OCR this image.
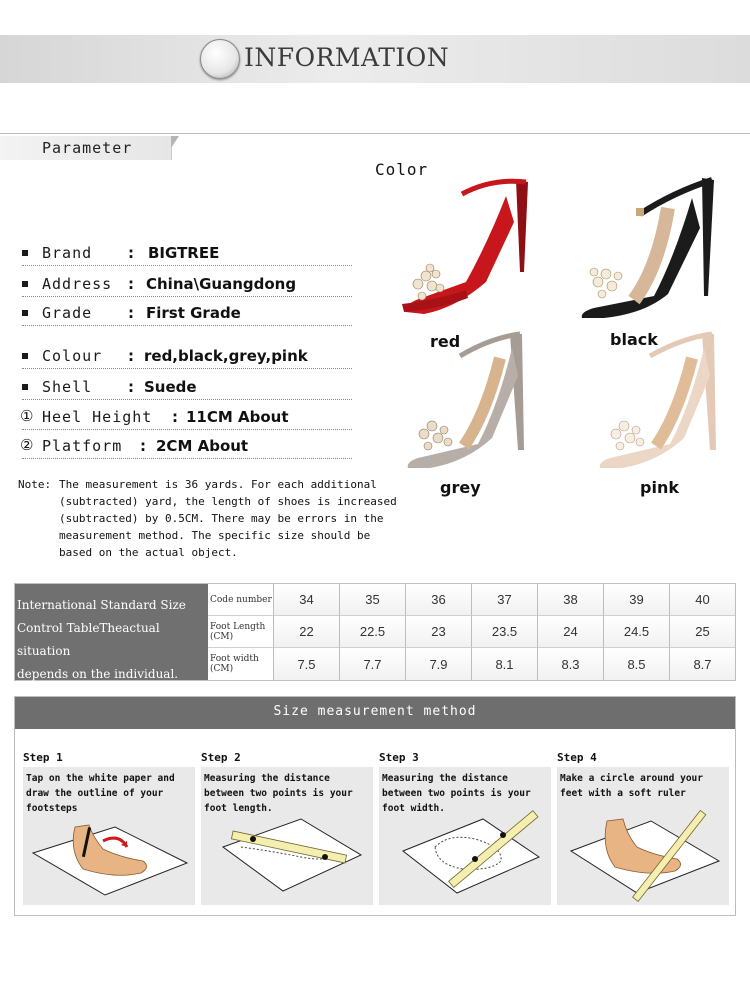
INFORMATION
Parameter
Brand : BIGTREE
Address : China\Guangdong
Grade : First Grade
Colour : red,black,grey,pink
Shell : Suede
① Heel Height : 11CM About
② Platform : 2CM About
Note: The measurement is 36 yards. For each additional (subtracted) yard, the length of shoes is increased (subtracted) by 0.5CM. There may be errors in the measurement method. The specific size should be based on the actual object.
Color
red	black
grey	pink
International Standard Size
Control TableTheactual situation
depends on the individual.
Code number	34	35	36	37	38	39	40
Foot Length (CM)	22	22.5	23	23.5	24	24.5	25
Foot width (CM)	7.5	7.7	7.9	8.1	8.3	8.5	8.7
Size measurement method
Step 1
Tap on the white paper and draw the outline of your footsteps
Step 2
Measuring the distance between two points is your foot length.
Step 3
Measuring the distance between two points is your foot width.
Step 4
Make a circle around your feet with a soft ruler
